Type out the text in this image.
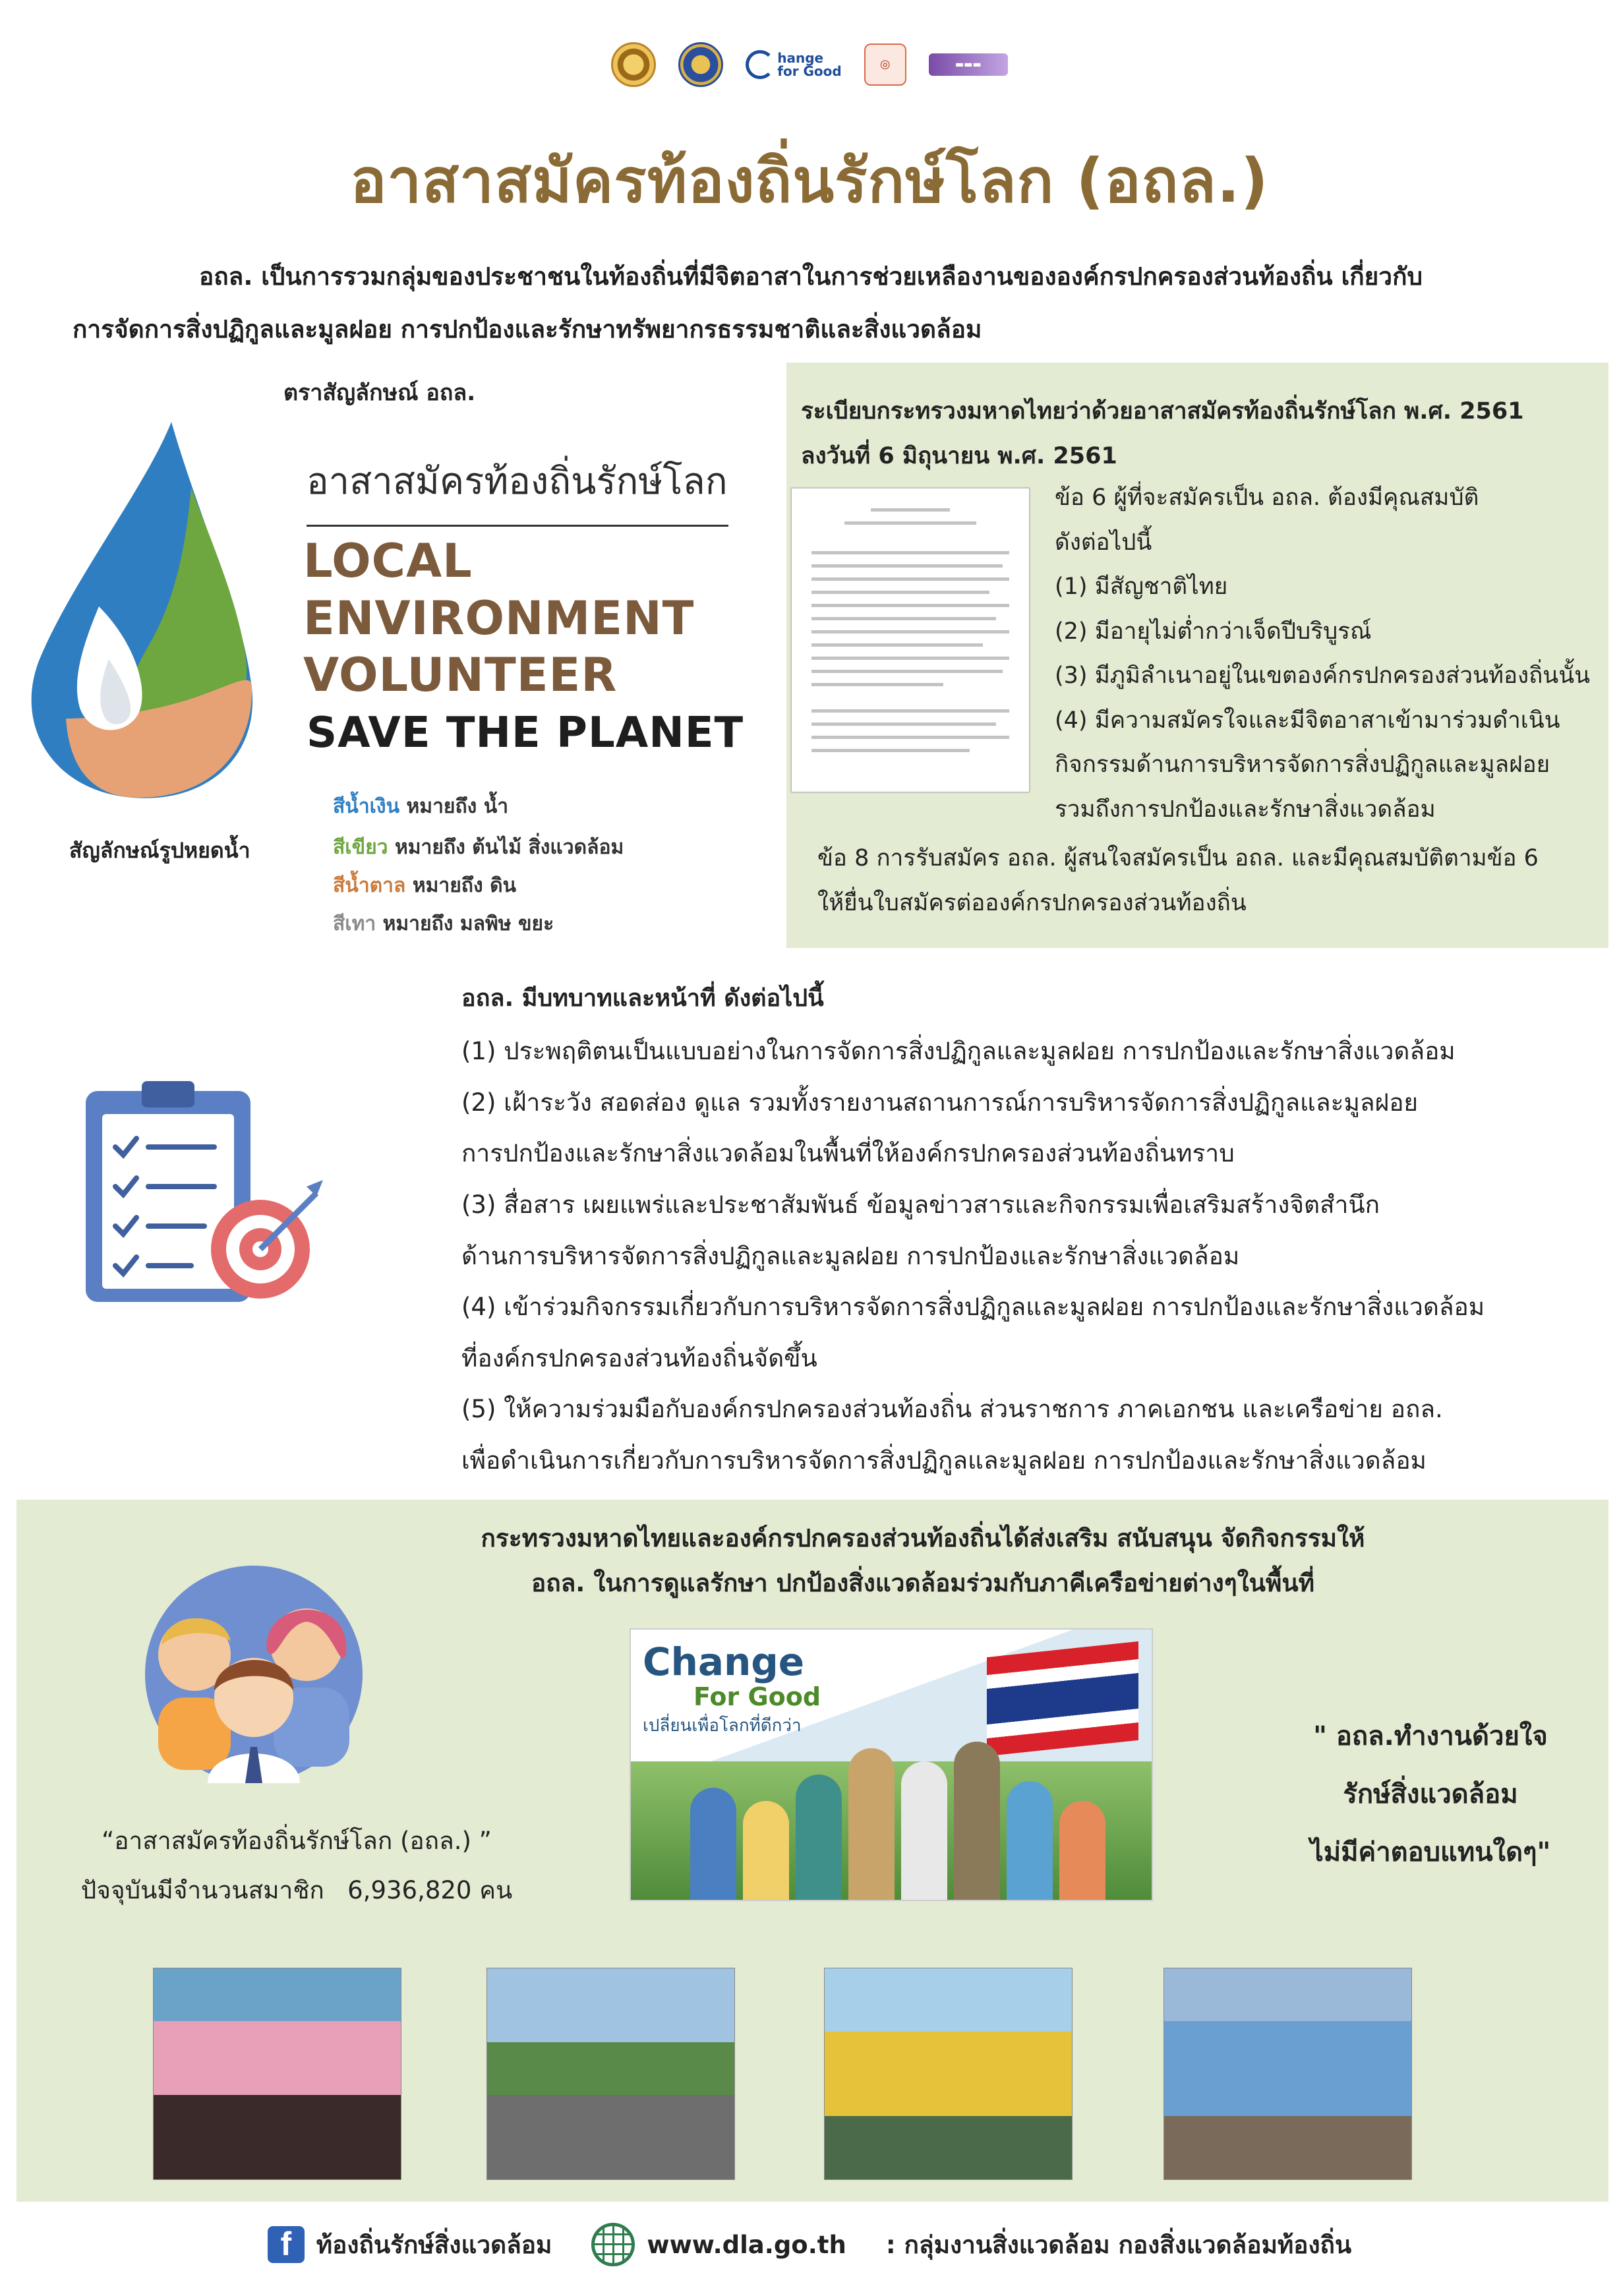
hange
for Good	◎	▬▬▬
อาสาสมัครท้องถิ่นรักษ์โลก (อถล.)
อถล. เป็นการรวมกลุ่มของประชาชนในท้องถิ่นที่มีจิตอาสาในการช่วยเหลืองานขององค์กรปกครองส่วนท้องถิ่น เกี่ยวกับ
การจัดการสิ่งปฏิกูลและมูลฝอย การปกป้องและรักษาทรัพยากรธรรมชาติและสิ่งแวดล้อม
ตราสัญลักษณ์ อถล.
อาสาสมัครท้องถิ่นรักษ์โลก
LOCAL
ENVIRONMENT
VOLUNTEER
SAVE THE PLANET
สัญลักษณ์รูปหยดน้ำ
สีน้ำเงิน หมายถึง น้ำ
สีเขียว หมายถึง ต้นไม้ สิ่งแวดล้อม
สีน้ำตาล หมายถึง ดิน
สีเทา หมายถึง มลพิษ ขยะ
ระเบียบกระทรวงมหาดไทยว่าด้วยอาสาสมัครท้องถิ่นรักษ์โลก พ.ศ. 2561
ลงวันที่ 6 มิถุนายน พ.ศ. 2561
ข้อ 6 ผู้ที่จะสมัครเป็น อถล. ต้องมีคุณสมบัติ
ดังต่อไปนี้
(1) มีสัญชาติไทย
(2) มีอายุไม่ต่ำกว่าเจ็ดปีบริบูรณ์
(3) มีภูมิลำเนาอยู่ในเขตองค์กรปกครองส่วนท้องถิ่นนั้น
(4) มีความสมัครใจและมีจิตอาสาเข้ามาร่วมดำเนิน
กิจกรรมด้านการบริหารจัดการสิ่งปฏิกูลและมูลฝอย
รวมถึงการปกป้องและรักษาสิ่งแวดล้อม
ข้อ 8 การรับสมัคร อถล. ผู้สนใจสมัครเป็น อถล. และมีคุณสมบัติตามข้อ 6
ให้ยื่นใบสมัครต่อองค์กรปกครองส่วนท้องถิ่น
อถล. มีบทบาทและหน้าที่ ดังต่อไปนี้
(1) ประพฤติตนเป็นแบบอย่างในการจัดการสิ่งปฏิกูลและมูลฝอย การปกป้องและรักษาสิ่งแวดล้อม
(2) เฝ้าระวัง สอดส่อง ดูแล รวมทั้งรายงานสถานการณ์การบริหารจัดการสิ่งปฏิกูลและมูลฝอย
การปกป้องและรักษาสิ่งแวดล้อมในพื้นที่ให้องค์กรปกครองส่วนท้องถิ่นทราบ
(3) สื่อสาร เผยแพร่และประชาสัมพันธ์ ข้อมูลข่าวสารและกิจกรรมเพื่อเสริมสร้างจิตสำนึก
ด้านการบริหารจัดการสิ่งปฏิกูลและมูลฝอย การปกป้องและรักษาสิ่งแวดล้อม
(4) เข้าร่วมกิจกรรมเกี่ยวกับการบริหารจัดการสิ่งปฏิกูลและมูลฝอย การปกป้องและรักษาสิ่งแวดล้อม
ที่องค์กรปกครองส่วนท้องถิ่นจัดขึ้น
(5) ให้ความร่วมมือกับองค์กรปกครองส่วนท้องถิ่น ส่วนราชการ ภาคเอกชน และเครือข่าย อถล.
เพื่อดำเนินการเกี่ยวกับการบริหารจัดการสิ่งปฏิกูลและมูลฝอย การปกป้องและรักษาสิ่งแวดล้อม
กระทรวงมหาดไทยและองค์กรปกครองส่วนท้องถิ่นได้ส่งเสริม สนับสนุน จัดกิจกรรมให้
อถล. ในการดูแลรักษา ปกป้องสิ่งแวดล้อมร่วมกับภาคีเครือข่ายต่างๆในพื้นที่
“อาสาสมัครท้องถิ่นรักษ์โลก (อถล.) ”
ปัจจุบันมีจำนวนสมาชิก 6,936,820 คน
Change
For Good
เปลี่ยนเพื่อโลกที่ดีกว่า	" อถล.ทำงานด้วยใจ
รักษ์สิ่งแวดล้อม
ไม่มีค่าตอบแทนใดๆ"
f	ท้องถิ่นรักษ์สิ่งแวดล้อม	www.dla.go.th : กลุ่มงานสิ่งแวดล้อม กองสิ่งแวดล้อมท้องถิ่น
